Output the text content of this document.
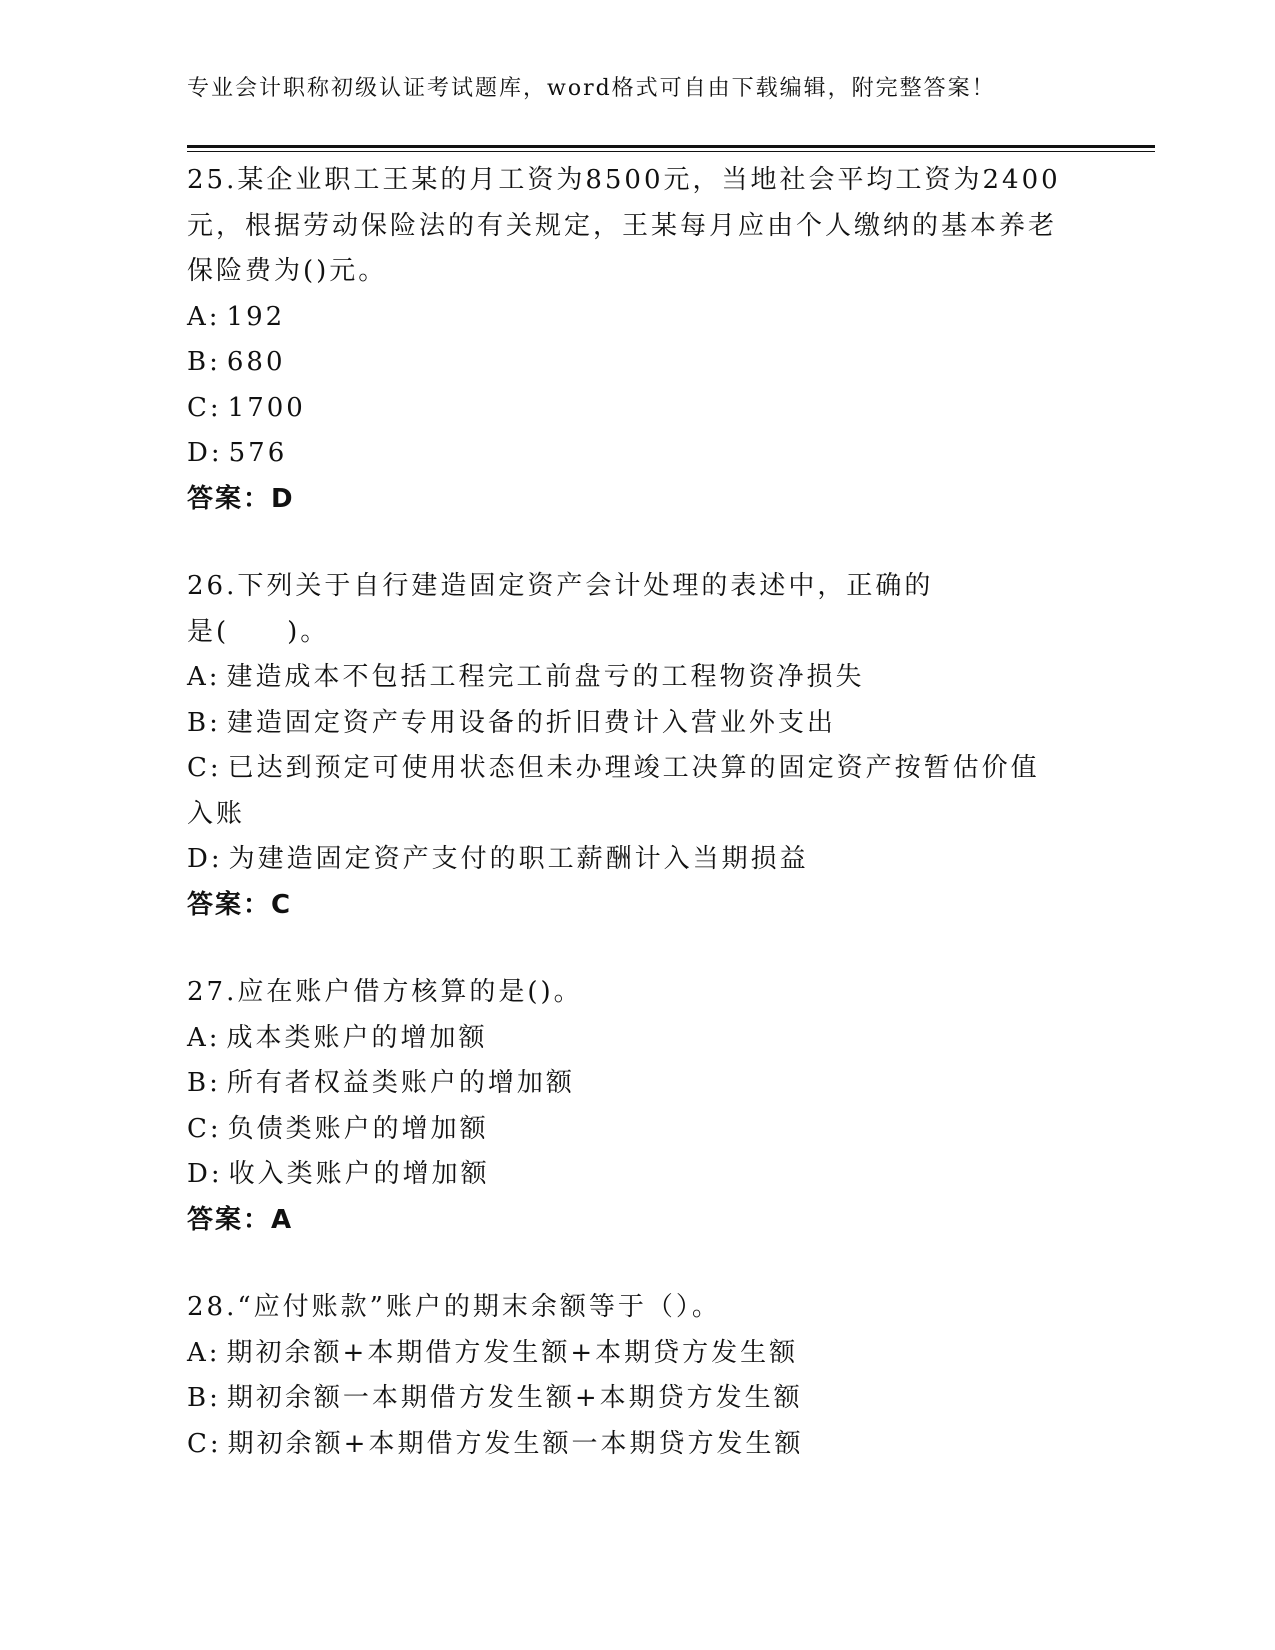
专业会计职称初级认证考试题库，word格式可自由下载编辑，附完整答案！
25.某企业职工王某的月工资为8500元，当地社会平均工资为2400元，根据劳动保险法的有关规定，王某每月应由个人缴纳的基本养老保险费为()元。
A: 192
B: 680
C: 1700
D: 576
答案：D
26.下列关于自行建造固定资产会计处理的表述中，正确的是(　　)。
A: 建造成本不包括工程完工前盘亏的工程物资净损失
B: 建造固定资产专用设备的折旧费计入营业外支出
C: 已达到预定可使用状态但未办理竣工决算的固定资产按暂估价值入账
D: 为建造固定资产支付的职工薪酬计入当期损益
答案：C
27.应在账户借方核算的是()。
A: 成本类账户的增加额
B: 所有者权益类账户的增加额
C: 负债类账户的增加额
D: 收入类账户的增加额
答案：A
28.“应付账款”账户的期末余额等于（）。
A: 期初余额+本期借方发生额+本期贷方发生额
B: 期初余额一本期借方发生额+本期贷方发生额
C: 期初余额+本期借方发生额一本期贷方发生额
